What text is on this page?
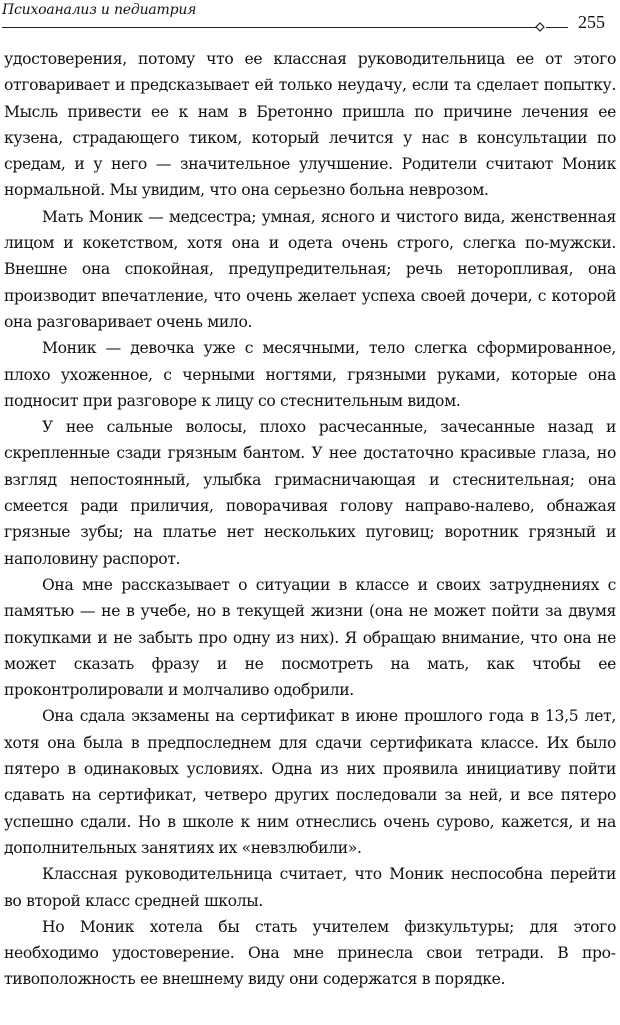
Психоанализ и педиатрия
255

удостоверения, потому что ее классная руководительница ее от этого отговаривает и предсказывает ей только неудачу, если та сделает попытку. Мысль привести ее к нам в Бретонно пришла по причине лечения ее кузена, страдающего тиком, который лечится у нас в консультации по средам, и у него — значительное улучшение. Родители считают Моник нормальной. Мы увидим, что она серьезно больна неврозом.

Мать Моник — медсестра; умная, ясного и чистого вида, женственная лицом и кокетством, хотя она и одета очень строго, слегка по-мужски. Внешне она спокойная, предупредительная; речь неторопливая, она производит впечатление, что очень желает успеха своей дочери, с которой она разговаривает очень мило.

Моник — девочка уже с месячными, тело слегка сформированное, плохо ухоженное, с черными ногтями, грязными руками, которые она подносит при разговоре к лицу со стеснительным видом.

У нее сальные волосы, плохо расчесанные, зачесанные назад и скрепленные сзади грязным бантом. У нее достаточно красивые глаза, но взгляд непостоянный, улыбка гримасничающая и стеснительная; она смеется ради приличия, поворачивая голову направо-налево, обнажая грязные зубы; на платье нет нескольких пуговиц; воротник грязный и наполовину распорот.

Она мне рассказывает о ситуации в классе и своих затруднениях с памятью — не в учебе, но в текущей жизни (она не может пойти за двумя покупками и не забыть про одну из них). Я обращаю внимание, что она не может сказать фразу и не посмотреть на мать, как чтобы ее проконтролировали и молчаливо одобрили.

Она сдала экзамены на сертификат в июне прошлого года в 13,5 лет, хотя она была в предпоследнем для сдачи сертификата классе. Их было пятеро в одинаковых условиях. Одна из них проявила инициативу пойти сдавать на сертификат, четверо других последовали за ней, и все пятеро успешно сдали. Но в школе к ним отнеслись очень сурово, кажется, и на дополнительных занятиях их «невзлюбили».

Классная руководительница считает, что Моник неспособна перейти во второй класс средней школы.

Но Моник хотела бы стать учителем физкультуры; для этого необходимо удостоверение. Она мне принесла свои тетради. В противоположность ее внешнему виду они содержатся в порядке.
